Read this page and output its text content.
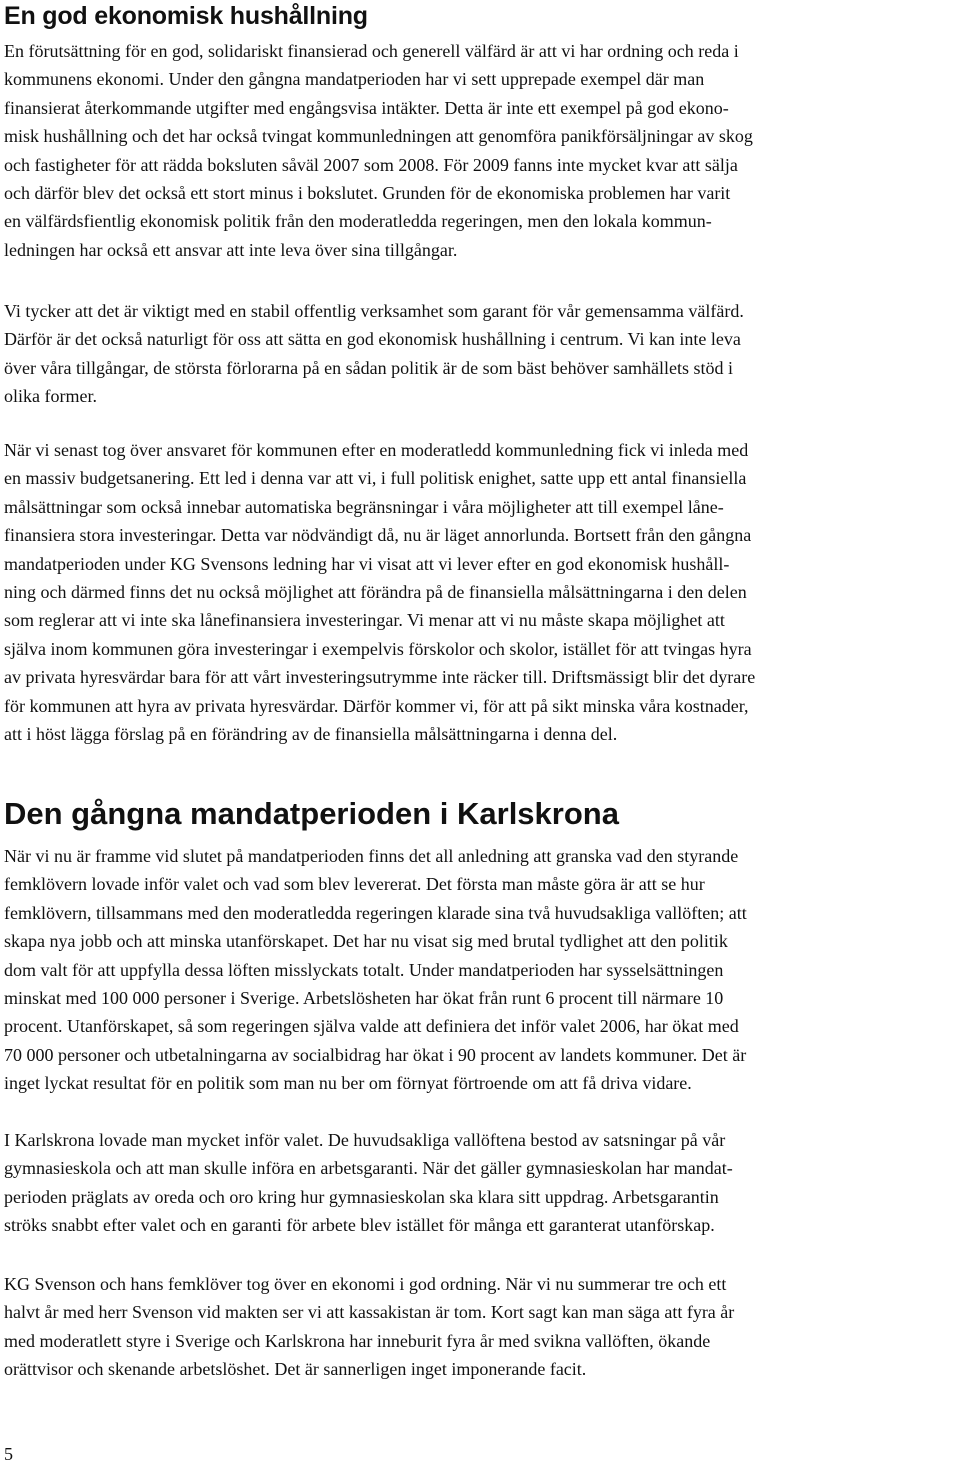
En god ekonomisk hushållning
En förutsättning för en god, solidariskt finansierad och generell välfärd är att vi har ordning och reda i
kommunens ekonomi. Under den gångna mandatperioden har vi sett upprepade exempel där man
finansierat återkommande utgifter med engångsvisa intäkter. Detta är inte ett exempel på god ekono-
misk hushållning och det har också tvingat kommunledningen att genomföra panikförsäljningar av skog
och fastigheter för att rädda boksluten såväl 2007 som 2008. För 2009 fanns inte mycket kvar att sälja
och därför blev det också ett stort minus i bokslutet. Grunden för de ekonomiska problemen har varit
en välfärdsfientlig ekonomisk politik från den moderatledda regeringen, men den lokala kommun-
ledningen har också ett ansvar att inte leva över sina tillgångar.
Vi tycker att det är viktigt med en stabil offentlig verksamhet som garant för vår gemensamma välfärd.
Därför är det också naturligt för oss att sätta en god ekonomisk hushållning i centrum. Vi kan inte leva
över våra tillgångar, de största förlorarna på en sådan politik är de som bäst behöver samhällets stöd i
olika former.
När vi senast tog över ansvaret för kommunen efter en moderatledd kommunledning fick vi inleda med
en massiv budgetsanering. Ett led i denna var att vi, i full politisk enighet, satte upp ett antal finansiella
målsättningar som också innebar automatiska begränsningar i våra möjligheter att till exempel låne-
finansiera stora investeringar. Detta var nödvändigt då, nu är läget annorlunda. Bortsett från den gångna
mandatperioden under KG Svensons ledning har vi visat att vi lever efter en god ekonomisk hushåll-
ning och därmed finns det nu också möjlighet att förändra på de finansiella målsättningarna i den delen
som reglerar att vi inte ska lånefinansiera investeringar. Vi menar att vi nu måste skapa möjlighet att
själva inom kommunen göra investeringar i exempelvis förskolor och skolor, istället för att tvingas hyra
av privata hyresvärdar bara för att vårt investeringsutrymme inte räcker till. Driftsmässigt blir det dyrare
för kommunen att hyra av privata hyresvärdar. Därför kommer vi, för att på sikt minska våra kostnader,
att i höst lägga förslag på en förändring av de finansiella målsättningarna i denna del.
Den gångna mandatperioden i Karlskrona
När vi nu är framme vid slutet på mandatperioden finns det all anledning att granska vad den styrande
femklövern lovade inför valet och vad som blev levererat. Det första man måste göra är att se hur
femklövern, tillsammans med den moderatledda regeringen klarade sina två huvudsakliga vallöften; att
skapa nya jobb och att minska utanförskapet. Det har nu visat sig med brutal tydlighet att den politik
dom valt för att uppfylla dessa löften misslyckats totalt. Under mandatperioden har sysselsättningen
minskat med 100 000 personer i Sverige. Arbetslösheten har ökat från runt 6 procent till närmare 10
procent. Utanförskapet, så som regeringen själva valde att definiera det inför valet 2006, har ökat med
70 000 personer och utbetalningarna av socialbidrag har ökat i 90 procent av landets kommuner. Det är
inget lyckat resultat för en politik som man nu ber om förnyat förtroende om att få driva vidare.
I Karlskrona lovade man mycket inför valet. De huvudsakliga vallöftena bestod av satsningar på vår
gymnasieskola och att man skulle införa en arbetsgaranti. När det gäller gymnasieskolan har mandat-
perioden präglats av oreda och oro kring hur gymnasieskolan ska klara sitt uppdrag. Arbetsgarantin
ströks snabbt efter valet och en garanti för arbete blev istället för många ett garanterat utanförskap.
KG Svenson och hans femklöver tog över en ekonomi i god ordning. När vi nu summerar tre och ett
halvt år med herr Svenson vid makten ser vi att kassakistan är tom. Kort sagt kan man säga att fyra år
med moderatlett styre i Sverige och Karlskrona har inneburit fyra år med svikna vallöften, ökande
orättvisor och skenande arbetslöshet. Det är sannerligen inget imponerande facit.
5
